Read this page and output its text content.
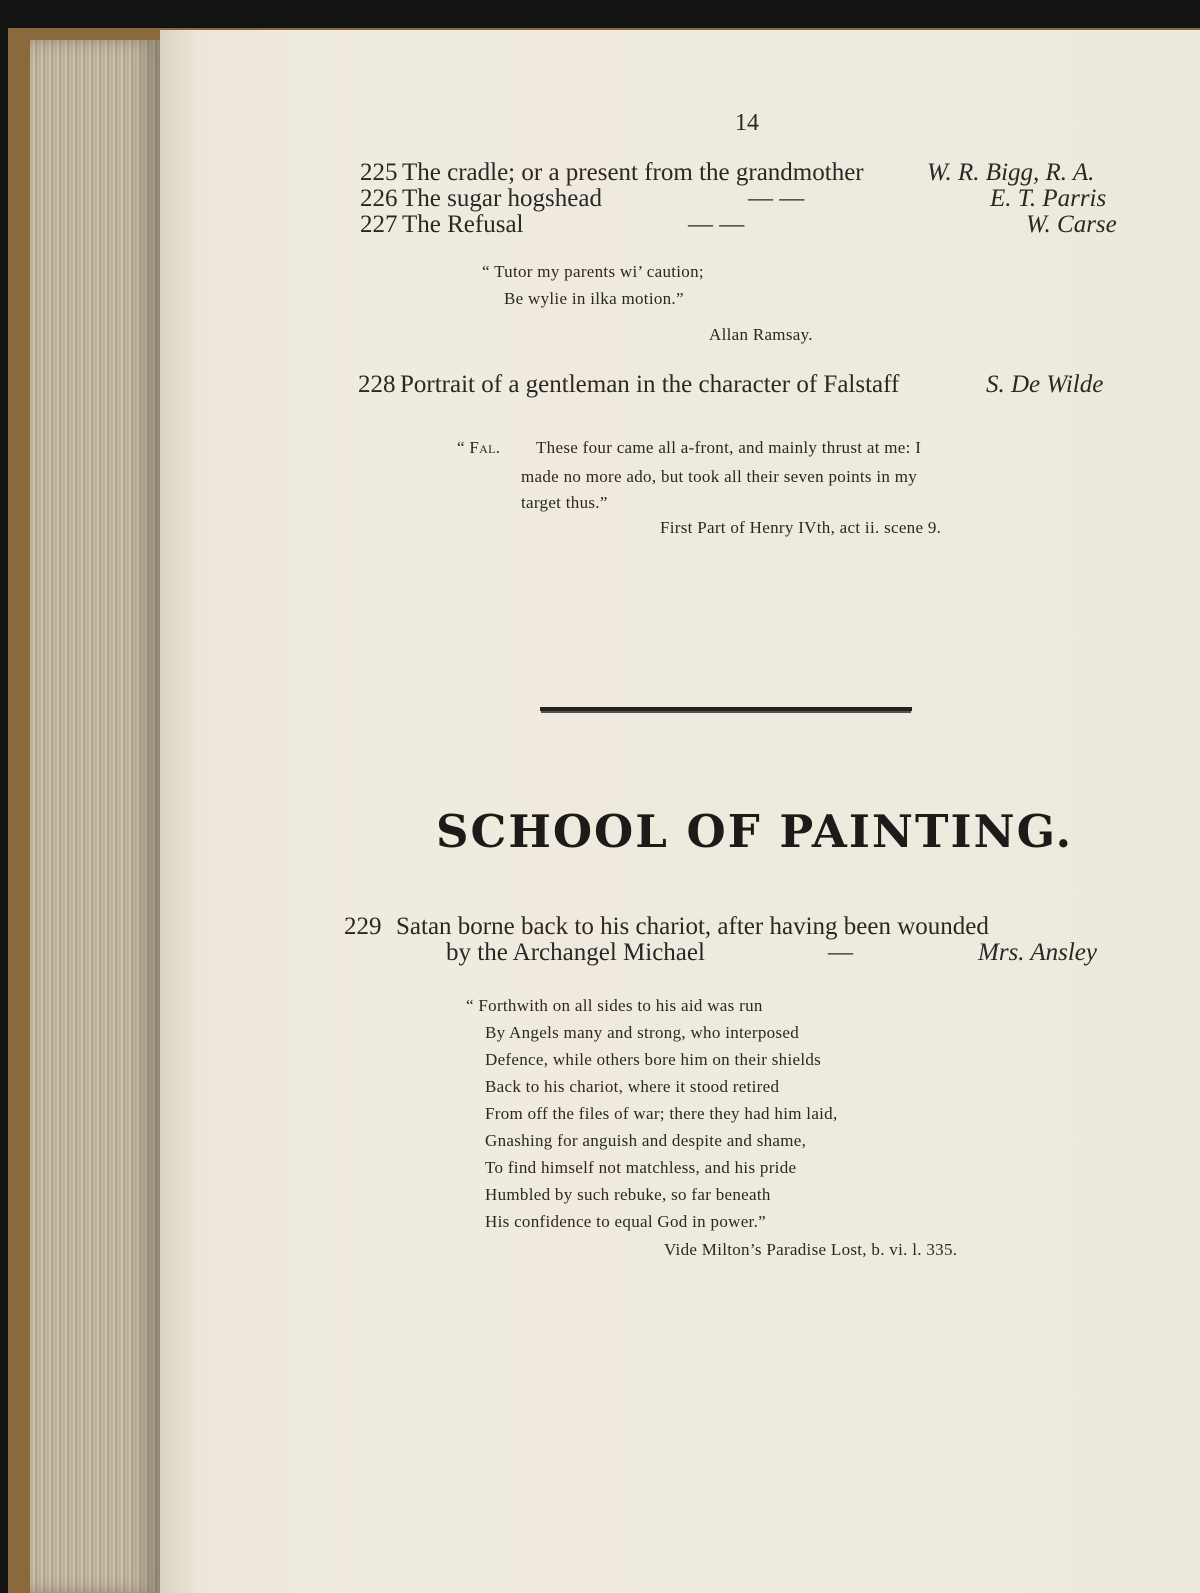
14
225 The cradle; or a present from the grandmother	W. R. Bigg, R. A.
226 The sugar hogshead	— —	E. T. Parris
227 The Refusal	— —	W. Carse
“ Tutor my parents wi’ caution;
Be wylie in ilka motion.”
Allan Ramsay.
228 Portrait of a gentleman in the character of Falstaff	S. De Wilde
“ Fal. These four came all a-front, and mainly thrust at me: I
made no more ado, but took all their seven points in my
target thus.”
First Part of Henry IVth, act ii. scene 9.
SCHOOL OF PAINTING.
229 Satan borne back to his chariot, after having been wounded
by the Archangel Michael	—	Mrs. Ansley
“ Forthwith on all sides to his aid was run
By Angels many and strong, who interposed
Defence, while others bore him on their shields
Back to his chariot, where it stood retired
From off the files of war; there they had him laid,
Gnashing for anguish and despite and shame,
To find himself not matchless, and his pride
Humbled by such rebuke, so far beneath
His confidence to equal God in power.”
Vide Milton’s Paradise Lost, b. vi. l. 335.
